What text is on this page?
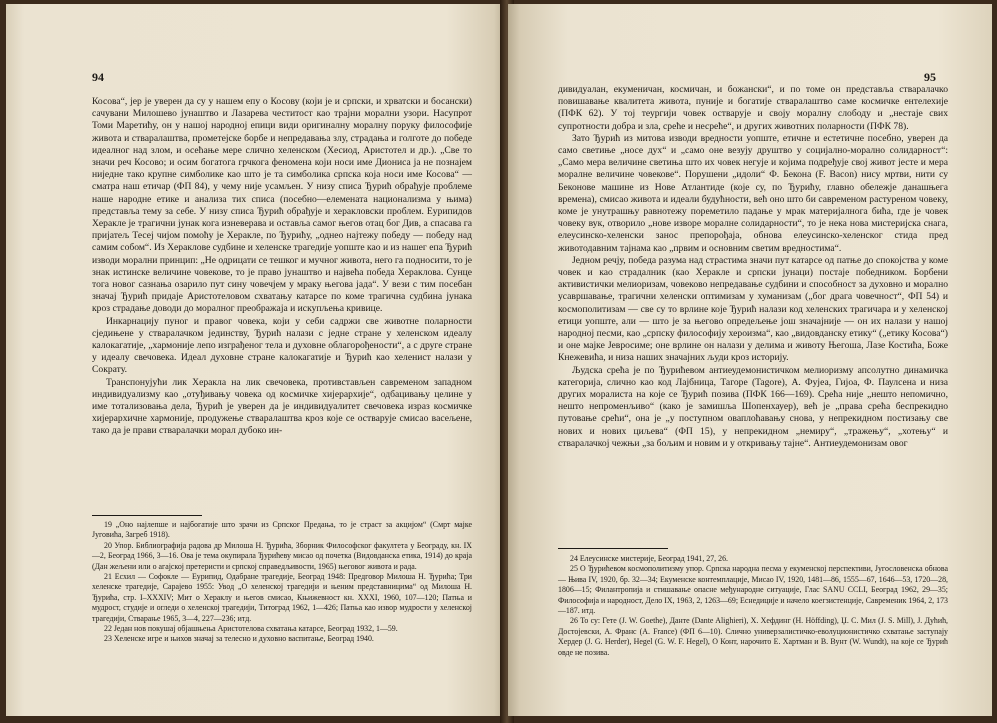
94

Косова“, јер је уверен да су у нашем епу о Косову (који је и српски, и хрватски и босански) сачувани Милошево јунаштво и Лазарева честитост као трајни морални узори. Насупрот Томи Маретићу, он у нашој народној епици види оригиналну моралну поруку философије живота и стваралаштва, прометејске борбе и непредавања злу, страдања и голготе до победе идеалног над злом, и осећање мере слично хеленском (Хесиод, Аристотел и др.). „Све то значи реч Косово; и осим богатога грчкога феномена који носи име Диониса ја не познајем ниједне тако крупне симболике као што је та симболика српска која носи име Косова“ — сматра наш етичар (ФП 84), у чему није усамљен. У низу списа Ђурић обрађује проблеме наше народне етике и анализа тих списа (посебно—елемената национализма у њима) представља тему за себе. У низу списа Ђурић обрађује и хераклoвски проблем. Еурипидов Херакле је трагични јунак кога изневерава и оставља самог његов отац бог Див, а спасава га пријатељ Тесеј чијом помоћу је Херакле, по Ђурићу, „однео најтежу победу — победу над самим собом“. Из Хераклове судбине и хеленске трагедије уопште као и из нашег епа Ђурић изводи морални принцип: „Не одрицати се тешког и мучног живота, него га подносити, то је знак истинске величине човекове, то је право јунаштво и највећа победа Хераклова. Сунце тога новог сазнања озарило пут сину човечјем у мраку његова јада“. У вези с тим посебан значај Ђурић придаје Аристотеловом схватању катарсе по коме трагична судбина јунака кроз страдање доводи до моралног преображаја и искупљења кривице.

Инкарнацију пуног и правог човека, који у себи садржи све животне поларности сједињене у стваралачком јединству, Ђурић налази с једне стране у хеленском идеалу калокагатије, „хармоније лепо изграђеног тела и духовне облагорођености“, а с друге стране у идеалу свечовека. Идеал духовне стране калокагатије и Ђурић као хеленист налази у Сократу.

Транспонујући лик Херакла на лик свечовека, противстављен савременом западном индивидуализму као „отуђивању човека од космичке хијерархије“, одбацивању целине у име тотализовања дела, Ђурић је уверен да је индивидуалитет свечовека израз космичке хијерархичне хармоније, продужење стваралаштва кроз које се остварује смисао васељене, тако да је прави стваралачки морал дубоко ин-

19 „Оно најлепше и најбогатије што зрачи из Српског Предања, то је страст за акцијом“ (Смрт мајке Југовића, Загреб 1918).

20 Упор. Библиографија радова др Милоша Н. Ђурића, Зборник Философског факултета у Београду, кн. IX—2, Београд 1966, 3—16. Ова је тема окупирала Ђурићеву мисао од почетка (Видовданска етика, 1914) до краја (Дан жељени или о агајској претеристи и српској справедљивости, 1965) његовог живота и рада.

21 Есхил — Софокле — Еурипид, Одабране трагедије, Београд 1948: Предговор Милоша Н. Ђурића; Три хеленске трагедије, Сарајево 1955: Увод „О хеленској трагедији и њеним представницима“ од Милоша Н. Ђурића, стр. I–XXXIV; Мит о Хераклу и његов смисао, Књижевност кн. XXXI, 1960, 107—120; Патња и мудрост, студије и огледи о хеленској трагедији, Титоград 1962, 1—426; Патња као извор мудрости у хеленској трагедији, Стварање 1965, 3—4, 227—236; итд.

22 Један нов покушај објашњења Аристотелова схватања катарсе, Београд 1932, 1—59.

23 Хеленске игре и њихов значај за телесно и духовно васпитање, Београд 1940.

95

дивидуалан, екуменичан, космичан, и божански“, и по томе он представља стваралачко повишавање квалитета живота, пуније и богатије стваралаштво саме космичке ентелехије (ПФК 62). У тој теургији човек остварује и своју моралну слободу и „нестаје свих супротности добра и зла, среће и несреће“, и других животних поларности (ПФК 78).

Зато Ђурић из митова изводи вредности уопште, етичне и естетичне посебно, уверен да само светиње „носе дух“ и „само оне везују друштво у социјално-морално солидарност“: „Само мера величине светиња што их човек негује и којима подређује свој живот јесте и мера моралне величине човекове“. Порушени „идоли“ Ф. Бекона (F. Bacon) нису мртви, нити су Бeконове машине из Нове Атлантиде (које су, по Ђурићу, главно обележје данашњега времена), смисао живота и идеали будућности, већ оно што би савременом растуреном човеку, коме је унутрашњу равнотежу пореметило падање у мрак материјалнога бића, где је човек човеку вук, отворило „нове изворе моралне солидарности“, то је нека нова мистеријска снага, елеусинско-хеленски занос препорођаја, обнова елеусинско-хеленског стида пред животодавним тајнама као „првим и основним светим вредностима“.

Једном речју, победа разума над страстима значи пут катарсе од патње до спокојства у коме човек и као страдалник (као Херакле и српски јунаци) постаје победником. Борбени активистички мелиоризам, човеково непредавање судбини и способност за духовно и морално усавршавање, трагични хеленски оптимизам у хуманизам („бог драга човечност“, ФП 54) и космополитизам — све су то врлине које Ђурић налази код хеленских трагичара и у хеленској етици уопште, али — што је за његово опредељење још значајније — он их налази у нашој народној песми, као „српску философију хероизма“, као „видовданску етику“ („етику Косова“) и оне мајке Јевросиме; оне врлине он налази у делима и животу Његоша, Лазе Костића, Боже Кнежевића, и низа наших значајних људи кроз историју.

Људска срећа је по Ђурићевом антиеудемонистичком мелиоризму апсолутно динамичка категорија, слично као код Лајбница, Тагоре (Tagore), А. Фујеа, Гијоа, Ф. Паулсена и низа других моралиста на које се Ђурић позива (ПФК 166—169). Срећа није „нешто непомично, нешто непроменљиво“ (како је замишља Шопенхауер), већ је „права срећа беспрекидно путовање срећи“, она је „у поступном оваплоћавању снова, у непрекидном постизању све нових и нових циљева“ (ФП 15), у непрекидном „немиру“, „тражењу“, „хотењу“ и стваралачкој чежњи „за бољим и новим и у откривању тајне“. Антиеудемонизам овог

24 Елеусинске мистерије, Београд 1941, 27, 26.

25 О Ђурићевом космополитизму упор. Српска народна песма у екуменској перспективи, Југословенска обнова — Њива IV, 1920, бр. 32—34; Екуменске контемплације, Мисао IV, 1920, 1481—86, 1555—67, 1646—53, 1720—28, 1806—15; Филантропија и стишавање опасне међународне ситуације, Глас SANU CCLI, Београд 1962, 29—35; Философија и народност, Дело IX, 1963, 2, 1263—69; Еснедиције и начело коегзистенције, Савременик 1964, 2, 173—187. итд.

26 То су: Гете (J. W. Goethe), Данте (Dante Alighieri), Х. Хефдинг (H. Höffding), Џ. С. Мил (J. S. Mill), Ј. Дућић, Достојевски, А. Франс (A. France) (ФП 6—10). Слично универзалистичко-еволуционистичко схватање заступају Хердер (J. G. Herder), Hegel (G. W. F. Hegel), О Конт, нарочито Е. Хартман и В. Вунт (W. Wundt), на које се Ђурић овде не позива.
